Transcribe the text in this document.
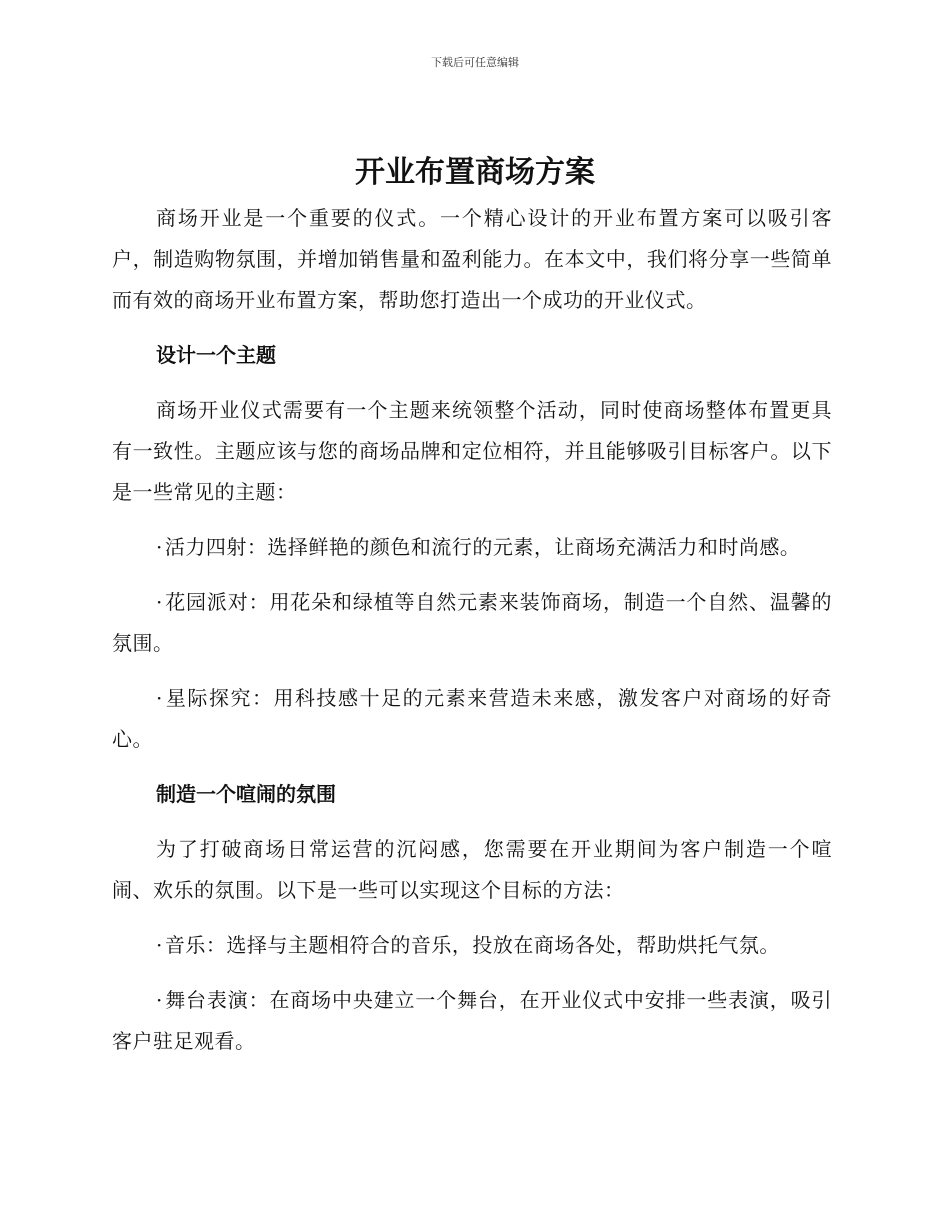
下载后可任意编辑
开业布置商场方案

商场开业是一个重要的仪式。一个精心设计的开业布置方案可以吸引客户，制造购物氛围，并增加销售量和盈利能力。在本文中，我们将分享一些简单而有效的商场开业布置方案，帮助您打造出一个成功的开业仪式。

设计一个主题

商场开业仪式需要有一个主题来统领整个活动，同时使商场整体布置更具有一致性。主题应该与您的商场品牌和定位相符，并且能够吸引目标客户。以下是一些常见的主题：

· 活力四射：选择鲜艳的颜色和流行的元素，让商场充满活力和时尚感。

· 花园派对：用花朵和绿植等自然元素来装饰商场，制造一个自然、温馨的氛围。

· 星际探究：用科技感十足的元素来营造未来感，激发客户对商场的好奇心。

制造一个喧闹的氛围

为了打破商场日常运营的沉闷感，您需要在开业期间为客户制造一个喧闹、欢乐的氛围。以下是一些可以实现这个目标的方法：

· 音乐：选择与主题相符合的音乐，投放在商场各处，帮助烘托气氛。

· 舞台表演：在商场中央建立一个舞台，在开业仪式中安排一些表演，吸引客户驻足观看。
